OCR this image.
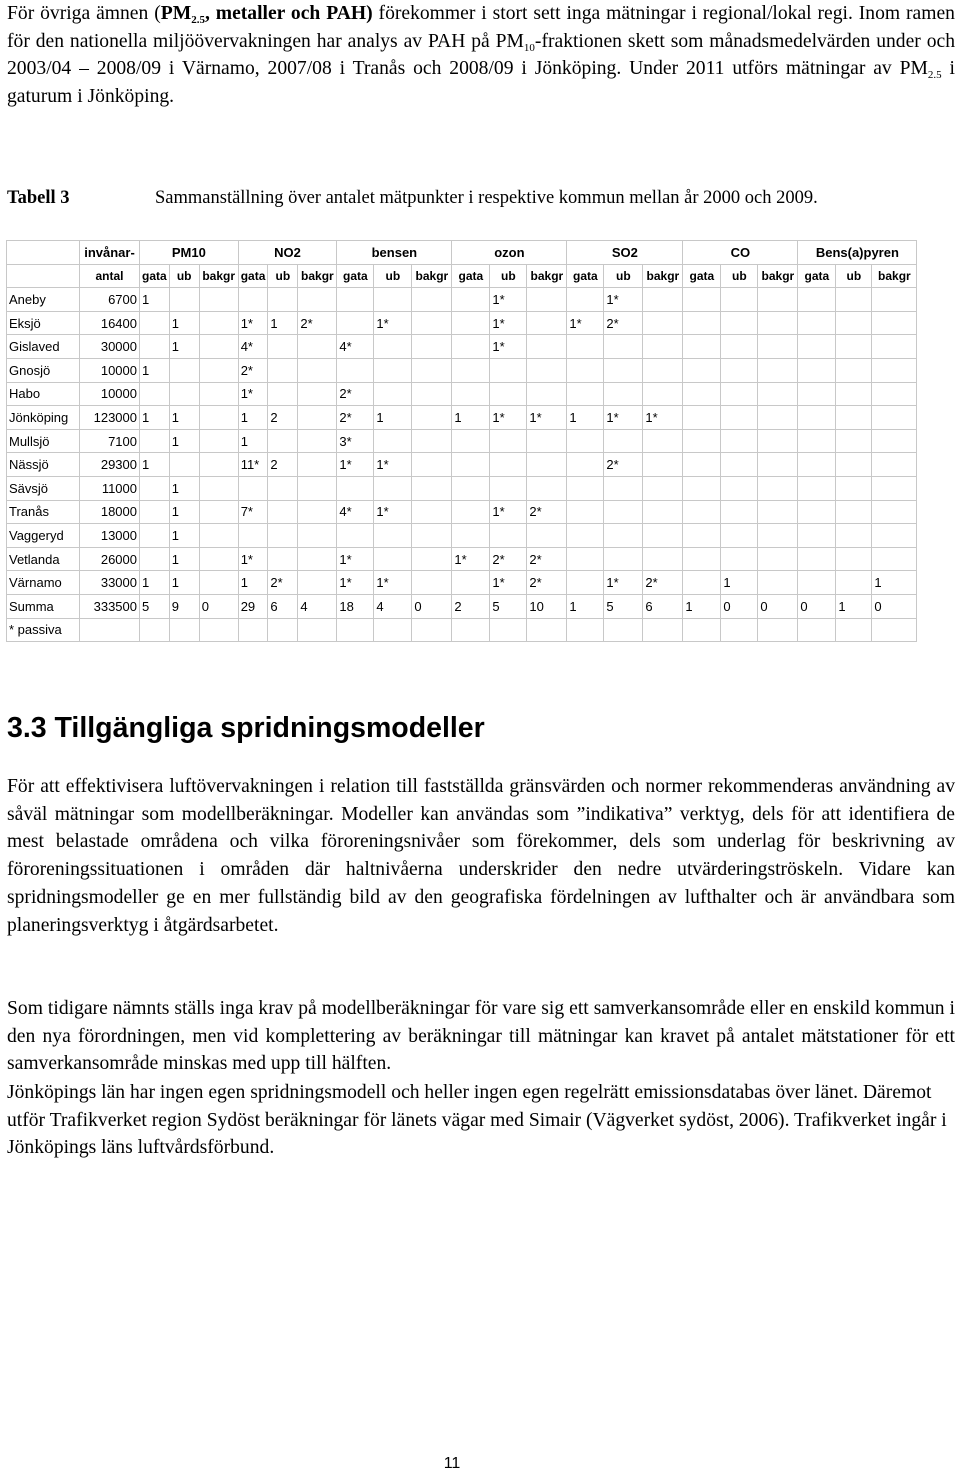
För övriga ämnen ($PM_{2.5}$, metaller och PAH) förekommer i stort sett inga mätningar i regional/lokal regi. Inom ramen för den nationella miljöövervakningen har analys av PAH på $PM_{10}$-fraktionen skett som månadsmedelvärden under och 2003/04 – 2008/09 i Värnamo, 2007/08 i Tranås och 2008/09 i Jönköping. Under 2011 utförs mätningar av $PM_{2.5}$ i gaturum i Jönköping.
Tabell 3	Sammanställning över antalet mätpunkter i respektive kommun mellan år 2000 och 2009.
	invånar-	PM10			NO2			bensen			ozon			SO2			CO			Bens(a)pyren		
	antal	gata	ub	bakgr	gata	ub	bakgr	gata	ub	bakgr	gata	ub	bakgr	gata	ub	bakgr	gata	ub	bakgr	gata	ub	bakgr
Aneby	6700	1										1*			1*							
Eksjö	16400		1		1*	1	2*		1*			1*		1*	2*							
Gislaved	30000		1		4*			4*				1*										
Gnosjö	10000	1			2*																	
Habo	10000				1*			2*														
Jönköping	123000	1	1		1	2		2*	1		1	1*	1*	1	1*	1*						
Mullsjö	7100		1		1			3*														
Nässjö	29300	1			11*	2		1*	1*						2*							
Sävsjö	11000		1																			
Tranås	18000		1		7*			4*	1*			1*	2*									
Vaggeryd	13000		1																			
Vetlanda	26000		1		1*			1*			1*	2*	2*									
Värnamo	33000	1	1		1	2*		1*	1*			1*	2*		1*	2*		1				1
Summa	333500	5	9	0	29	6	4	18	4	0	2	5	10	1	5	6	1	0	0	0	1	0
* passiva																						
3.3 Tillgängliga spridningsmodeller

För att effektivisera luftövervakningen i relation till fastställda gränsvärden och normer rekommenderas användning av såväl mätningar som modellberäkningar. Modeller kan användas som ”indikativa” verktyg, dels för att identifiera de mest belastade områdena och vilka föroreningsnivåer som förekommer, dels som underlag för beskrivning av föroreningssituationen i områden där haltnivåerna underskrider den nedre utvärderingströskeln. Vidare kan spridningsmodeller ge en mer fullständig bild av den geografiska fördelningen av lufthalter och är användbara som planeringsverktyg i åtgärdsarbetet.

Som tidigare nämnts ställs inga krav på modellberäkningar för vare sig ett samverkansområde eller en enskild kommun i den nya förordningen, men vid komplettering av beräkningar till mätningar kan kravet på antalet mätstationer för ett samverkansområde minskas med upp till hälften.

Jönköpings län har ingen egen spridningsmodell och heller ingen egen regelrätt emissionsdatabas över länet. Däremot utför Trafikverket region Sydöst beräkningar för länets vägar med Simair (Vägverket sydöst, 2006). Trafikverket ingår i Jönköpings läns luftvårdsförbund.

11
